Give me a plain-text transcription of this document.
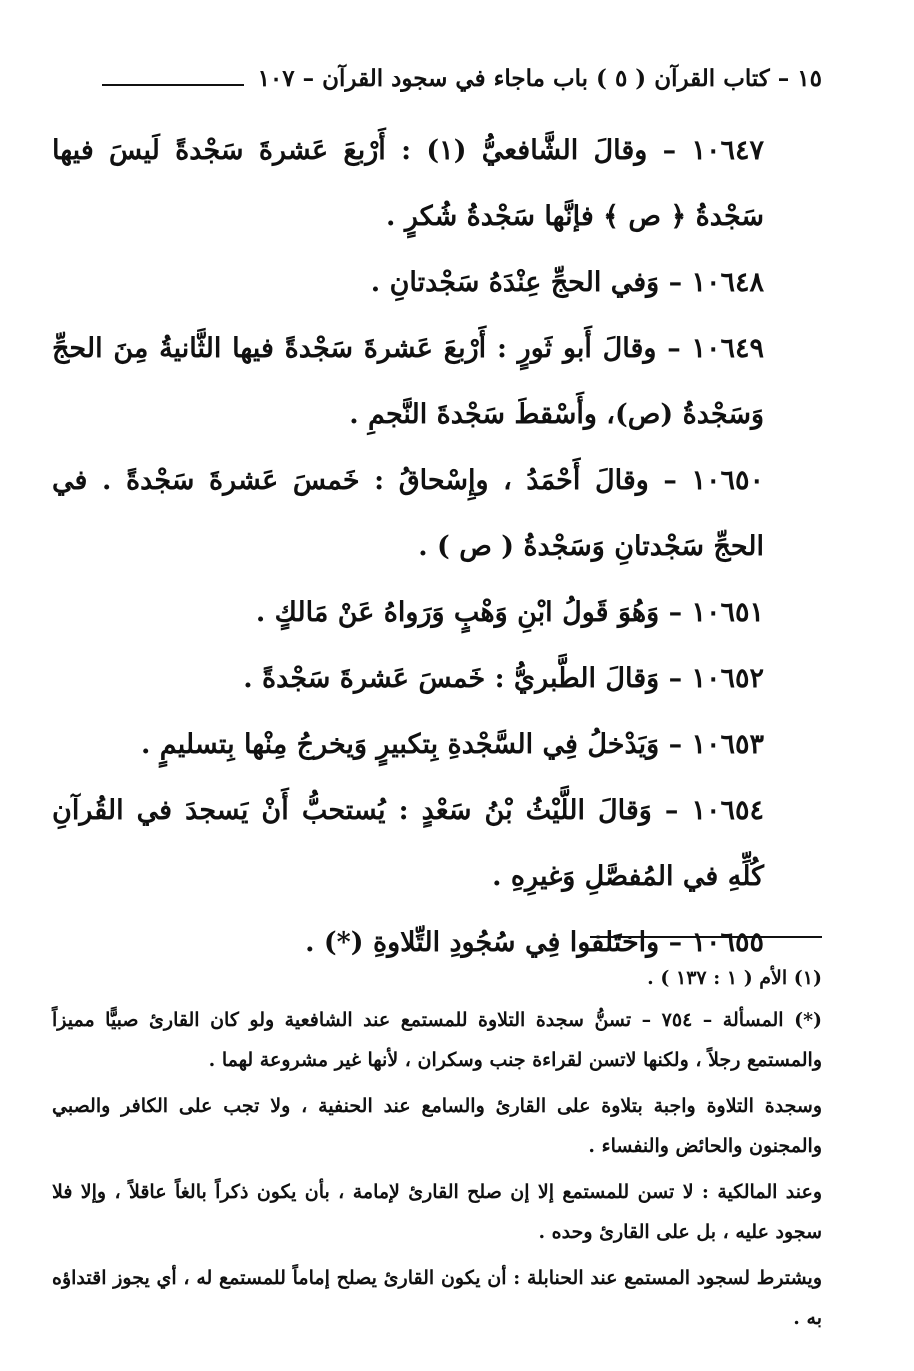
١٥ – كتاب القرآن ( ٥ ) باب ماجاء في سجود القرآن – ١٠٧

١٠٦٤٧ – وقالَ الشَّافعيُّ (١) : أَرْبعَ عَشرةَ سَجْدةً لَيسَ فيها سَجْدةُ ﴿ ص ﴾ فإنَّها سَجْدةُ شُكرٍ .

١٠٦٤٨ – وَفي الحجِّ عِنْدَهُ سَجْدتانِ .

١٠٦٤٩ – وقالَ أَبو ثَورٍ : أَرْبعَ عَشرةَ سَجْدةً فيها الثَّانيةُ مِنَ الحجِّ وَسَجْدةُ (ص)، وأَسْقطَ سَجْدةَ النَّجمِ .

١٠٦٥٠ – وقالَ أَحْمَدُ ، وإِسْحاقُ : خَمسَ عَشرةَ سَجْدةً . في الحجِّ سَجْدتانِ وَسَجْدةُ ( ص ) .

١٠٦٥١ – وَهُوَ قَولُ ابْنِ وَهْبٍ وَرَواهُ عَنْ مَالكٍ .

١٠٦٥٢ – وَقالَ الطَّبريُّ : خَمسَ عَشرةَ سَجْدةً .

١٠٦٥٣ – وَيَدْخلُ فِي السَّجْدةِ بِتكبيرٍ وَيخرجُ مِنْها بِتسليمٍ .

١٠٦٥٤ – وَقالَ اللَّيْثُ بْنُ سَعْدٍ : يُستحبُّ أَنْ يَسجدَ في القُرآنِ كُلِّهِ في المُفصَّلِ وَغيرِهِ .

١٠٦٥٥ – واختَلفوا فِي سُجُودِ التِّلاوةِ (*) .

(١) الأم ( ١ : ١٣٧ ) .

(*) المسألة – ٧٥٤ – تسنُّ سجدة التلاوة للمستمع عند الشافعية ولو كان القارئ صبيًّا مميزاً والمستمع رجلاً ، ولكنها لاتسن لقراءة جنب وسكران ، لأنها غير مشروعة لهما .

وسجدة التلاوة واجبة بتلاوة على القارئ والسامع عند الحنفية ، ولا تجب على الكافر والصبي والمجنون والحائض والنفساء .

وعند المالكية : لا تسن للمستمع إلا إن صلح القارئ لإمامة ، بأن يكون ذكراً بالغاً عاقلاً ، وإلا فلا سجود عليه ، بل على القارئ وحده .

ويشترط لسجود المستمع عند الحنابلة : أن يكون القارئ يصلح إماماً للمستمع له ، أي يجوز اقتداؤه به .
